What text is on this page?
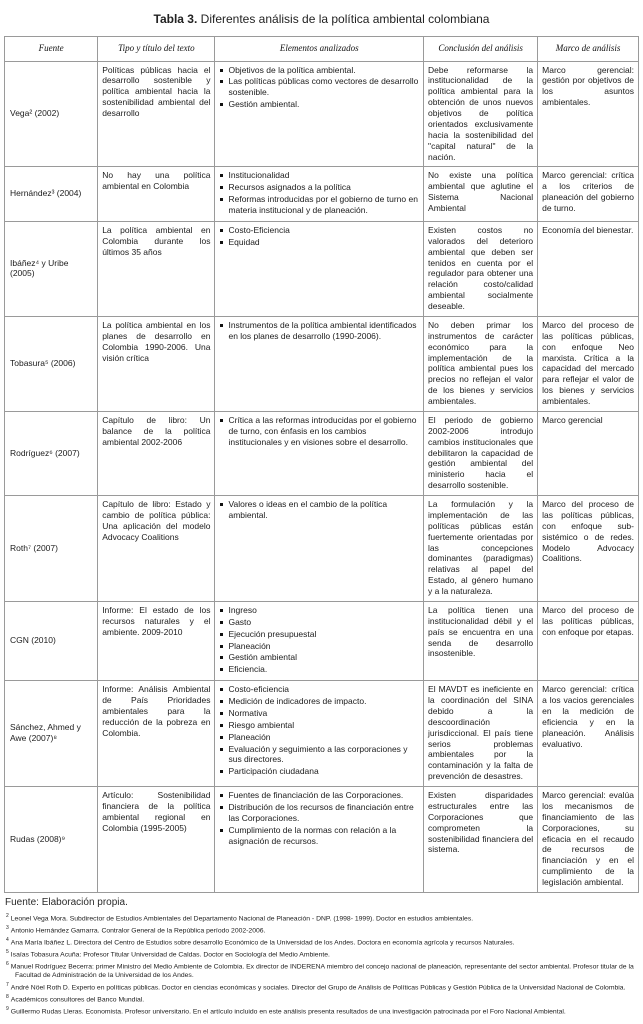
Tabla 3. Diferentes análisis de la política ambiental colombiana
Fuente	Tipo y título del texto	Elementos analizados	Conclusión del análisis	Marco de análisis
Vega² (2002)	Políticas públicas hacia el desarrollo sostenible y política ambiental hacia la sostenibilidad ambiental del desarrollo	
Objetivos de la política ambiental.
Las políticas públicas como vectores de desarrollo sostenible.
Gestión ambiental.
	Debe reformarse la institucionalidad de la política ambiental para la obtención de unos nuevos objetivos de política orientados exclusivamente hacia la sostenibilidad del "capital natural" de la nación.	Marco gerencial: gestión por objetivos de los asuntos ambientales.
Hernández³ (2004)	No hay una política ambiental en Colombia	Institucionalidad
Recursos asignados a la política
Reformas introducidas por el gobierno de turno en materia institucional y de planeación.	No existe una política ambiental que aglutine el Sistema Nacional Ambiental	Marco gerencial: crítica a los criterios de planeación del gobierno de turno.
Ibáñez⁴ y Uribe (2005)	La política ambiental en Colombia durante los últimos 35 años	Costo-Eficiencia
Equidad	Existen costos no valorados del deterioro ambiental que deben ser tenidos en cuenta por el regulador para obtener una relación costo/calidad ambiental socialmente deseable.	Economía del bienestar.
Tobasura⁵ (2006)	La política ambiental en los planes de desarrollo en Colombia 1990-2006. Una visión crítica	Instrumentos de la política ambiental identificados en los planes de desarrollo (1990-2006).	No deben primar los instrumentos de carácter económico para la implementación de la política ambiental pues los precios no reflejan el valor de los bienes y servicios ambientales.	Marco del proceso de las políticas públicas, con enfoque Neo marxista. Crítica a la capacidad del mercado para reflejar el valor de los bienes y servicios ambientales.
Rodríguez⁶ (2007)	Capítulo de libro: Un balance de la política ambiental 2002-2006	Crítica a las reformas introducidas por el gobierno de turno, con énfasis en los cambios institucionales y en visiones sobre el desarrollo.	El periodo de gobierno 2002-2006 introdujo cambios institucionales que debilitaron la capacidad de gestión ambiental del ministerio hacia el desarrollo sostenible.	Marco gerencial
Roth⁷ (2007)	Capítulo de libro: Estado y cambio de política pública: Una aplicación del modelo Advocacy Coalitions	Valores o ideas en el cambio de la política ambiental.	La formulación y la implementación de las políticas públicas están fuertemente orientadas por las concepciones dominantes (paradigmas) relativas al papel del Estado, al género humano y a la naturaleza.	Marco del proceso de las políticas públicas, con enfoque sub-sistémico o de redes. Modelo Advocacy Coalitions.
CGN (2010)	Informe: El estado de los recursos naturales y el ambiente. 2009-2010	
Ingreso
Gasto
Ejecución presupuestal
Planeación
Gestión ambiental
Eficiencia.
	La política tienen una institucionalidad débil y el país se encuentra en una senda de desarrollo insostenible.	Marco del proceso de las políticas públicas, con enfoque por etapas.
Sánchez, Ahmed y Awe (2007)⁸	Informe: Análisis Ambiental de País Prioridades ambientales para la reducción de la pobreza en Colombia.	
Costo-eficiencia
Medición de indicadores de impacto.
Normativa
Riesgo ambiental
Planeación
Evaluación y seguimiento a las corporaciones y sus directores.
Participación ciudadana
	El MAVDT es ineficiente en la coordinación del SINA debido a la descoordinación jurisdiccional. El país tiene serios problemas ambientales por la contaminación y la falta de prevención de desastres.	Marco gerencial: crítica a los vacios gerenciales en la medición de eficiencia y en la planeación. Análisis evaluativo.
Rudas (2008)⁹	Artículo: Sostenibilidad financiera de la política ambiental regional en Colombia (1995-2005)	Fuentes de financiación de las Corporaciones.
Distribución de los recursos de financiación entre las Corporaciones.
Cumplimiento de la normas con relación a la asignación de recursos.	Existen disparidades estructurales entre las Corporaciones que comprometen la sostenibilidad financiera del sistema.	Marco gerencial: evalúa los mecanismos de financiamiento de las Corporaciones, su eficacia en el recaudo de recursos de financiación y en el cumplimiento de la legislación ambiental.
Fuente: Elaboración propia.
$^2$ Leonel Vega Mora. Subdirector de Estudios Ambientales del Departamento Nacional de Planeación - DNP. (1998- 1999). Doctor en estudios ambientales.
$^3$ Antonio Hernández Gamarra. Contralor General de la República período 2002-2006.
$^4$ Ana María Ibáñez L. Directora del Centro de Estudios sobre desarrollo Económico de la Universidad de los Andes. Doctora en economía agrícola y recursos Naturales.
$^5$ Isaías Tobasura Acuña: Profesor Titular Universidad de Caldas. Doctor en Sociología del Medio Ambiente.
$^6$ Manuel Rodríguez Becerra: primer Ministro del Medio Ambiente de Colombia. Ex director de INDERENA miembro del concejo nacional de planeación, representante del sector ambiental. Profesor titular de la Facultad de Administración de la Universidad de los Andes.
$^7$ André Nöel Roth D. Experto en políticas públicas. Doctor en ciencias económicas y sociales. Director del Grupo de Análisis de Políticas Públicas y Gestión Pública de la Universidad Nacional de Colombia.
$^8$ Académicos consultores del Banco Mundial.
$^9$ Guillermo Rudas Lleras. Economista. Profesor universitario. En el artículo incluido en este análisis presenta resultados de una investigación patrocinada por el Foro Nacional Ambiental.
